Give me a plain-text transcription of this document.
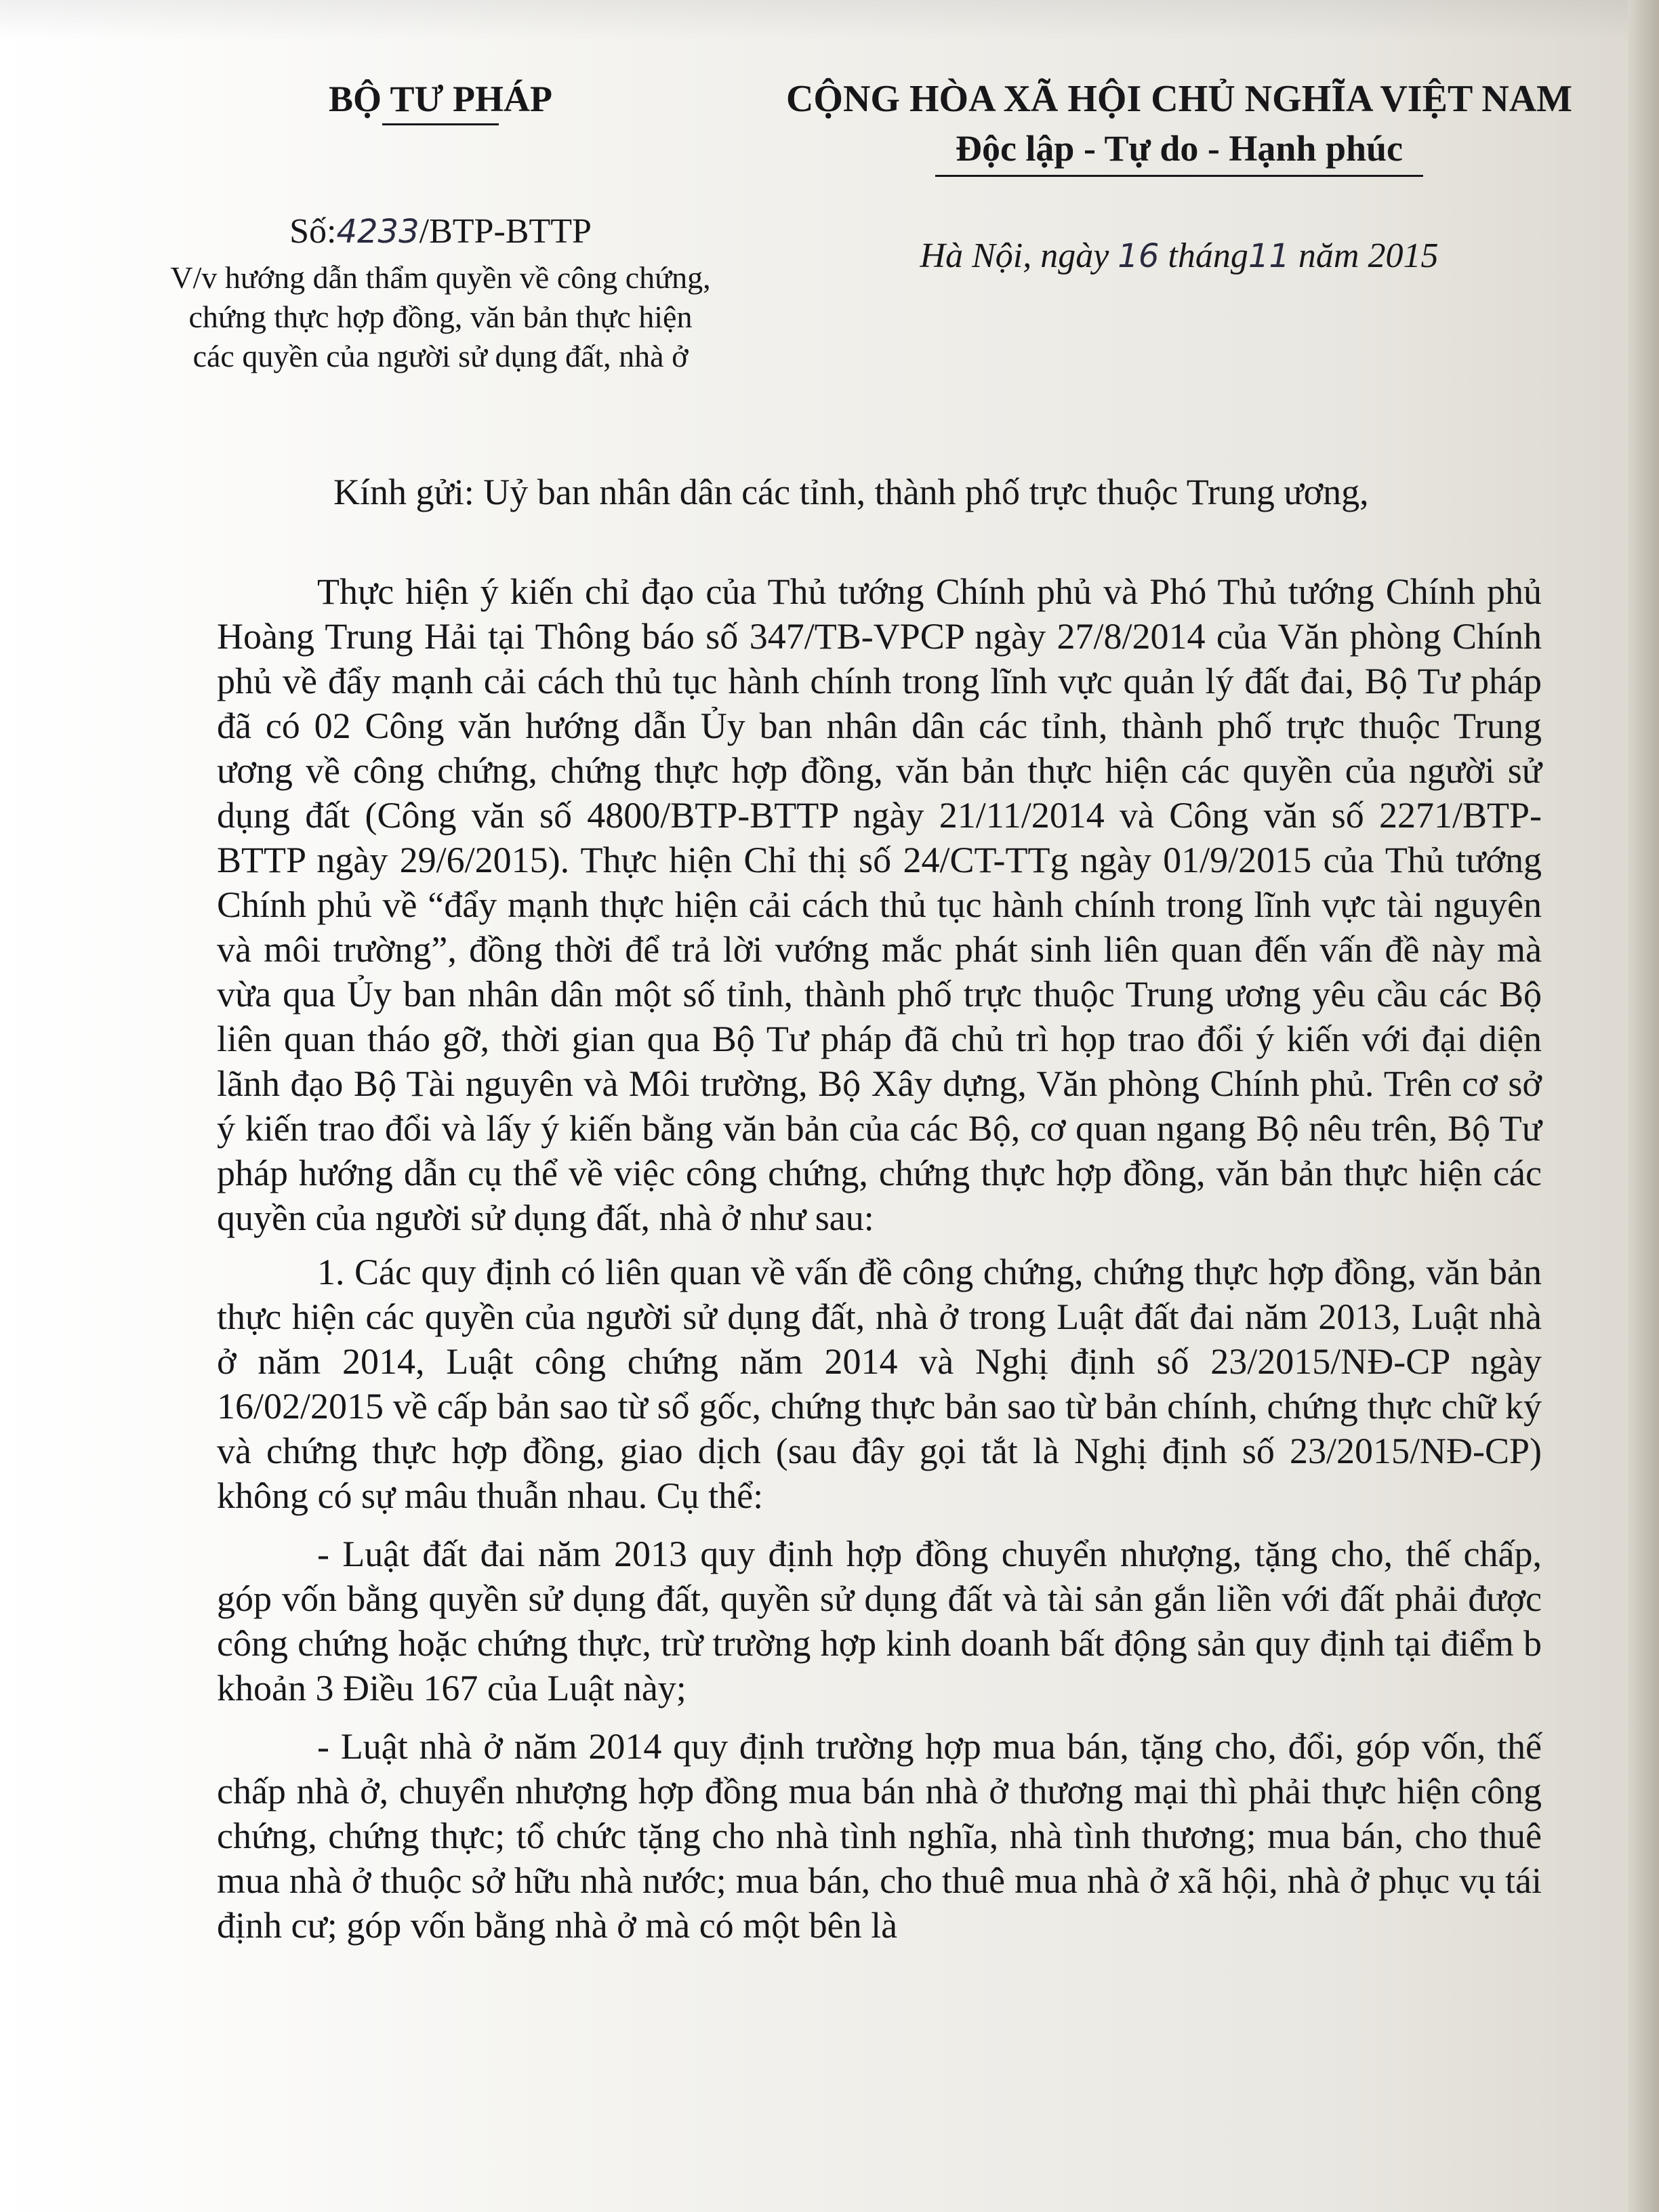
BỘ TƯ PHÁP
Số:4233/BTP-BTTP
V/v hướng dẫn thẩm quyền về công chứng,
chứng thực hợp đồng, văn bản thực hiện
các quyền của người sử dụng đất, nhà ở
CỘNG HÒA XÃ HỘI CHỦ NGHĨA VIỆT NAM
Độc lập - Tự do - Hạnh phúc
Hà Nội, ngày 16 tháng11 năm 2015
Kính gửi: Uỷ ban nhân dân các tỉnh, thành phố trực thuộc Trung ương,

Thực hiện ý kiến chỉ đạo của Thủ tướng Chính phủ và Phó Thủ tướng Chính phủ Hoàng Trung Hải tại Thông báo số 347/TB-VPCP ngày 27/8/2014 của Văn phòng Chính phủ về đẩy mạnh cải cách thủ tục hành chính trong lĩnh vực quản lý đất đai, Bộ Tư pháp đã có 02 Công văn hướng dẫn Ủy ban nhân dân các tỉnh, thành phố trực thuộc Trung ương về công chứng, chứng thực hợp đồng, văn bản thực hiện các quyền của người sử dụng đất (Công văn số 4800/BTP-BTTP ngày 21/11/2014 và Công văn số 2271/BTP-BTTP ngày 29/6/2015). Thực hiện Chỉ thị số 24/CT-TTg ngày 01/9/2015 của Thủ tướng Chính phủ về “đẩy mạnh thực hiện cải cách thủ tục hành chính trong lĩnh vực tài nguyên và môi trường”, đồng thời để trả lời vướng mắc phát sinh liên quan đến vấn đề này mà vừa qua Ủy ban nhân dân một số tỉnh, thành phố trực thuộc Trung ương yêu cầu các Bộ liên quan tháo gỡ, thời gian qua Bộ Tư pháp đã chủ trì họp trao đổi ý kiến với đại diện lãnh đạo Bộ Tài nguyên và Môi trường, Bộ Xây dựng, Văn phòng Chính phủ. Trên cơ sở ý kiến trao đổi và lấy ý kiến bằng văn bản của các Bộ, cơ quan ngang Bộ nêu trên, Bộ Tư pháp hướng dẫn cụ thể về việc công chứng, chứng thực hợp đồng, văn bản thực hiện các quyền của người sử dụng đất, nhà ở như sau:

1. Các quy định có liên quan về vấn đề công chứng, chứng thực hợp đồng, văn bản thực hiện các quyền của người sử dụng đất, nhà ở trong Luật đất đai năm 2013, Luật nhà ở năm 2014, Luật công chứng năm 2014 và Nghị định số 23/2015/NĐ-CP ngày 16/02/2015 về cấp bản sao từ sổ gốc, chứng thực bản sao từ bản chính, chứng thực chữ ký và chứng thực hợp đồng, giao dịch (sau đây gọi tắt là Nghị định số 23/2015/NĐ-CP) không có sự mâu thuẫn nhau. Cụ thể:

- Luật đất đai năm 2013 quy định hợp đồng chuyển nhượng, tặng cho, thế chấp, góp vốn bằng quyền sử dụng đất, quyền sử dụng đất và tài sản gắn liền với đất phải được công chứng hoặc chứng thực, trừ trường hợp kinh doanh bất động sản quy định tại điểm b khoản 3 Điều 167 của Luật này;

- Luật nhà ở năm 2014 quy định trường hợp mua bán, tặng cho, đổi, góp vốn, thế chấp nhà ở, chuyển nhượng hợp đồng mua bán nhà ở thương mại thì phải thực hiện công chứng, chứng thực; tổ chức tặng cho nhà tình nghĩa, nhà tình thương; mua bán, cho thuê mua nhà ở thuộc sở hữu nhà nước; mua bán, cho thuê mua nhà ở xã hội, nhà ở phục vụ tái định cư; góp vốn bằng nhà ở mà có một bên là
